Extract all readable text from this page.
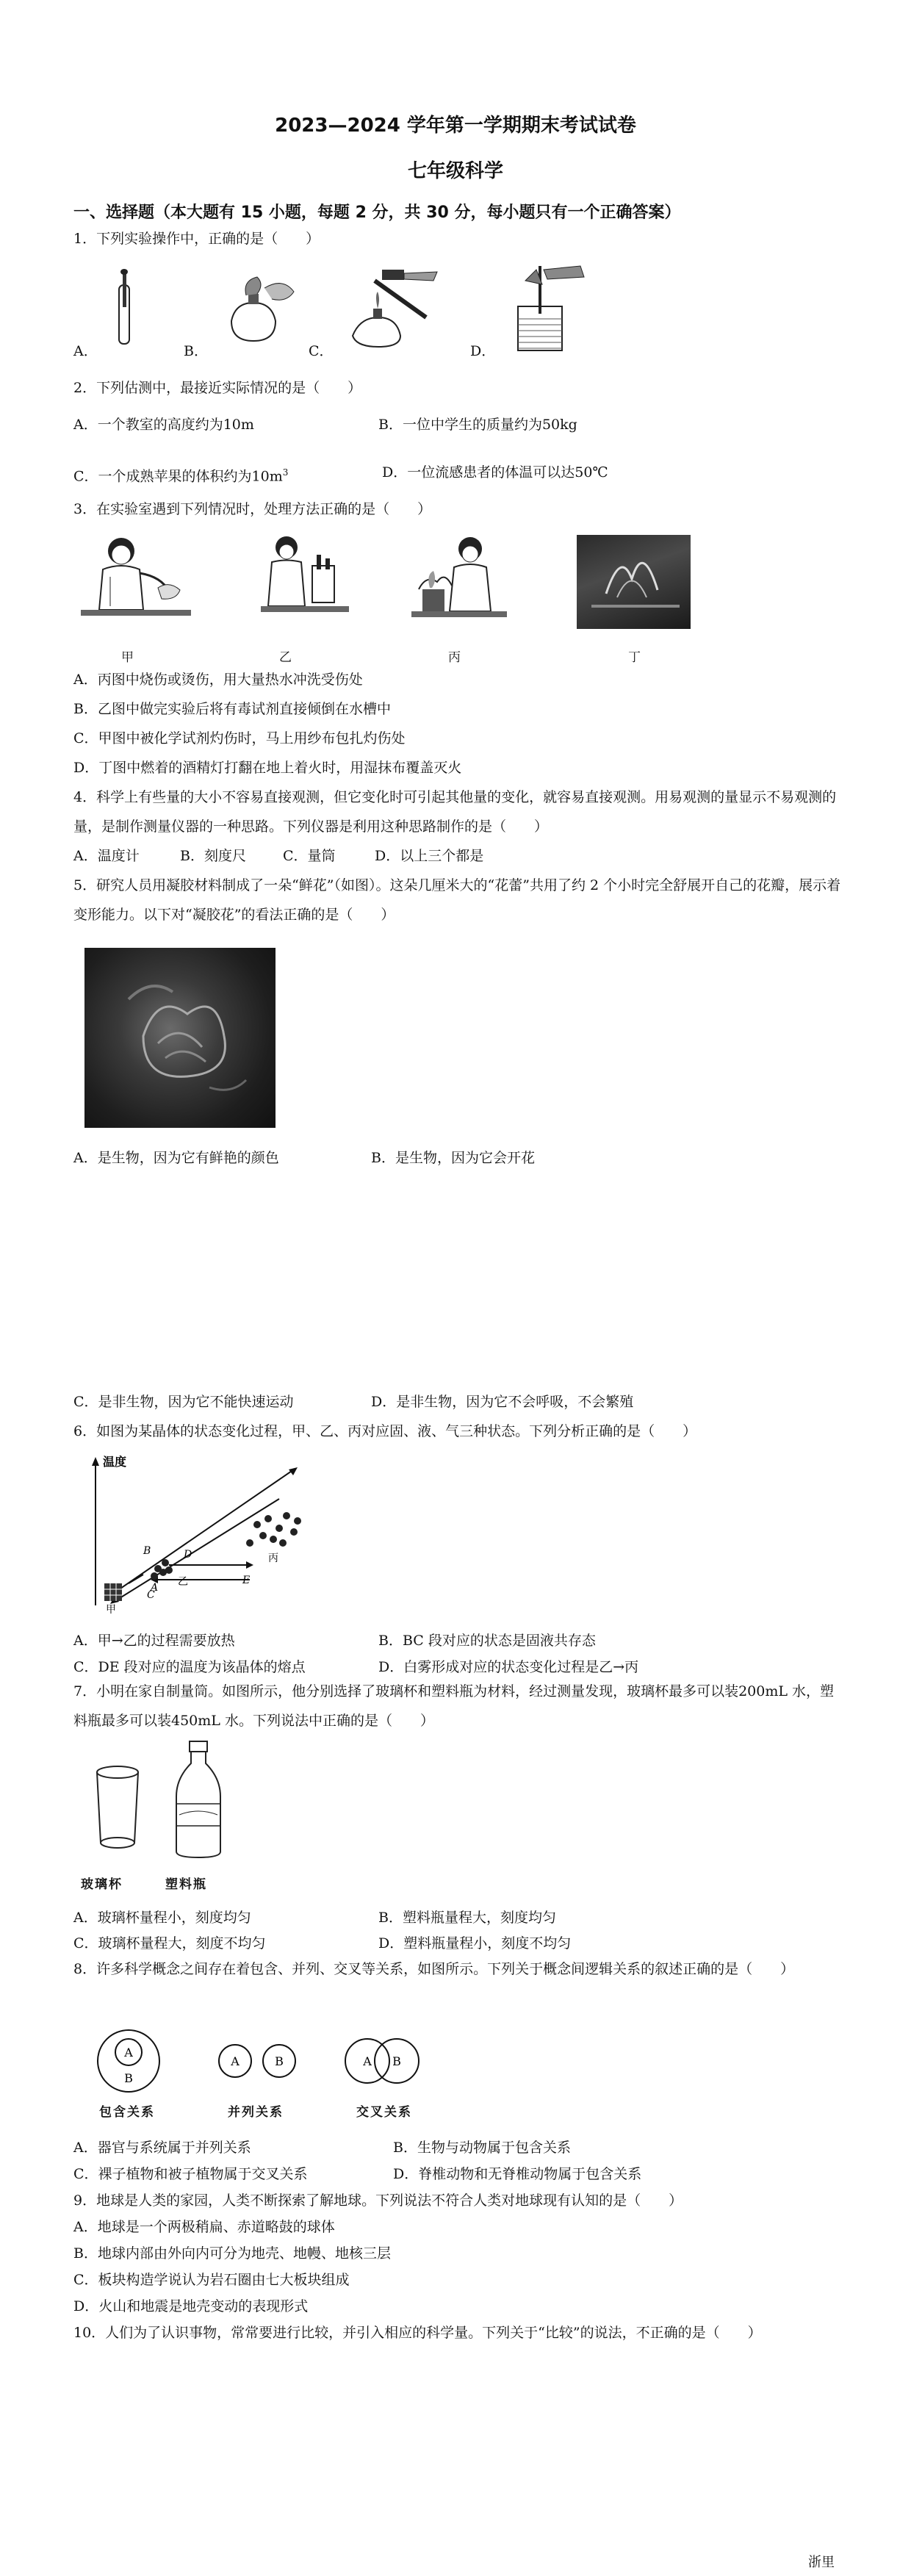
2023—2024 学年第一学期期末考试试卷
七年级科学
一、选择题（本大题有 15 小题，每题 2 分，共 30 分，每小题只有一个正确答案）
1．下列实验操作中，正确的是（　　）
A．	B．	C．	D．
2．下列估测中，最接近实际情况的是（　　）
A．一个教室的高度约为10m	B．一位中学生的质量约为50kg
C．一个成熟苹果的体积约为$10m^3$	D．一位流感患者的体温可以达50℃
3．在实验室遇到下列情况时，处理方法正确的是（　　）
甲	乙	丙	丁
A．丙图中烧伤或烫伤，用大量热水冲洗受伤处
B．乙图中做完实验后将有毒试剂直接倾倒在水槽中
C．甲图中被化学试剂灼伤时，马上用纱布包扎灼伤处
D．丁图中燃着的酒精灯打翻在地上着火时，用湿抹布覆盖灭火
4．科学上有些量的大小不容易直接观测，但它变化时可引起其他量的变化，就容易直接观测。用易观测的量显示不易观测的量，是制作测量仪器的一种思路。下列仪器是利用这种思路制作的是（　　）
A．温度计	B．刻度尺	C．量筒	D．以上三个都是
5．研究人员用凝胶材料制成了一朵“鲜花”（如图）。这朵几厘米大的“花蕾”共用了约 2 个小时完全舒展开自己的花瓣，展示着变形能力。以下对“凝胶花”的看法正确的是（　　）
A．是生物，因为它有鲜艳的颜色	B．是生物，因为它会开花
C．是非生物，因为它不能快速运动	D．是非生物，因为它不会呼吸，不会繁殖
6．如图为某晶体的状态变化过程，甲、乙、丙对应固、液、气三种状态。下列分析正确的是（　　）
温度
A
B
C
D
E
甲
乙
丙
A．甲→乙的过程需要放热	B．BC 段对应的状态是固液共存态
C．DE 段对应的温度为该晶体的熔点	D．白雾形成对应的状态变化过程是乙→丙
7．小明在家自制量筒。如图所示，他分别选择了玻璃杯和塑料瓶为材料，经过测量发现，玻璃杯最多可以装200mL 水，塑料瓶最多可以装450mL 水。下列说法中正确的是（　　）
玻璃杯	塑料瓶
A．玻璃杯量程小，刻度均匀	B．塑料瓶量程大，刻度均匀
C．玻璃杯量程大，刻度不均匀	D．塑料瓶量程小，刻度不均匀
8．许多科学概念之间存在着包含、并列、交叉等关系，如图所示。下列关于概念间逻辑关系的叙述正确的是（　　）
A
B
A	B	A B
包含关系	并列关系	交叉关系
A．器官与系统属于并列关系	B．生物与动物属于包含关系
C．裸子植物和被子植物属于交叉关系	D．脊椎动物和无脊椎动物属于包含关系
9．地球是人类的家园，人类不断探索了解地球。下列说法不符合人类对地球现有认知的是（　　）
A．地球是一个两极稍扁、赤道略鼓的球体
B．地球内部由外向内可分为地壳、地幔、地核三层
C．板块构造学说认为岩石圈由七大板块组成
D．火山和地震是地壳变动的表现形式
10．人们为了认识事物，常常要进行比较，并引入相应的科学量。下列关于“比较”的说法，不正确的是（　　）
浙里
